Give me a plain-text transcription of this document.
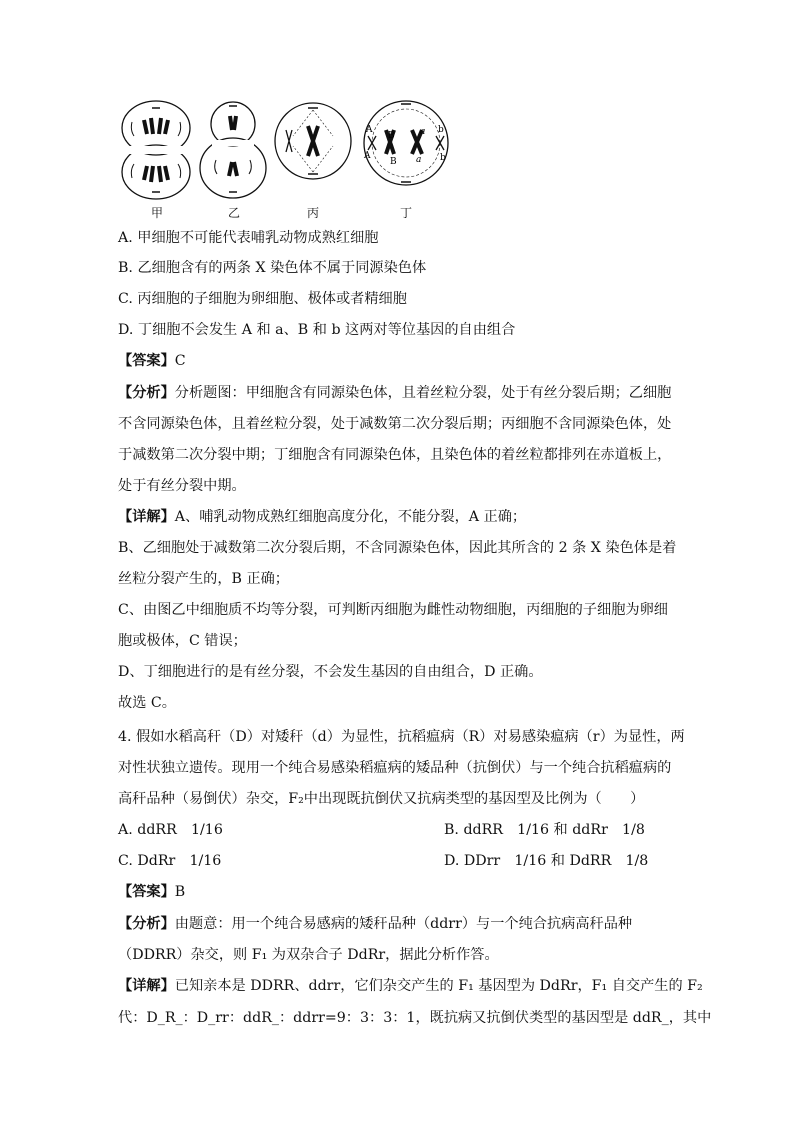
A
B	a b
A
B a b
甲	乙	丙	丁
A. 甲细胞不可能代表哺乳动物成熟红细胞
B. 乙细胞含有的两条 X 染色体不属于同源染色体
C. 丙细胞的子细胞为卵细胞、极体或者精细胞
D. 丁细胞不会发生 A 和 a、B 和 b 这两对等位基因的自由组合
【答案】C
【分析】分析题图：甲细胞含有同源染色体，且着丝粒分裂，处于有丝分裂后期；乙细胞
不含同源染色体，且着丝粒分裂，处于减数第二次分裂后期；丙细胞不含同源染色体，处
于减数第二次分裂中期；丁细胞含有同源染色体，且染色体的着丝粒都排列在赤道板上，
处于有丝分裂中期。
【详解】A、哺乳动物成熟红细胞高度分化，不能分裂，A 正确；
B、乙细胞处于减数第二次分裂后期，不含同源染色体，因此其所含的 2 条 X 染色体是着
丝粒分裂产生的，B 正确；
C、由图乙中细胞质不均等分裂，可判断丙细胞为雌性动物细胞，丙细胞的子细胞为卵细
胞或极体，C 错误；
D、丁细胞进行的是有丝分裂，不会发生基因的自由组合，D 正确。
故选 C。
4. 假如水稻高秆（D）对矮秆（d）为显性，抗稻瘟病（R）对易感染瘟病（r）为显性，两
对性状独立遗传。现用一个纯合易感染稻瘟病的矮品种（抗倒伏）与一个纯合抗稻瘟病的
高秆品种（易倒伏）杂交，F₂中出现既抗倒伏又抗病类型的基因型及比例为（　　）
A. ddRR　1/16	B. ddRR　1/16 和 ddRr　1/8
C. DdRr　1/16	D. DDrr　1/16 和 DdRR　1/8
【答案】B
【分析】由题意：用一个纯合易感病的矮秆品种（ddrr）与一个纯合抗病高秆品种
（DDRR）杂交，则 F₁ 为双杂合子 DdRr，据此分析作答。
【详解】已知亲本是 DDRR、ddrr，它们杂交产生的 F₁ 基因型为 DdRr，F₁ 自交产生的 F₂
代：D_R_：D_rr：ddR_：ddrr=9：3：3：1，既抗病又抗倒伏类型的基因型是 ddR_，其中
